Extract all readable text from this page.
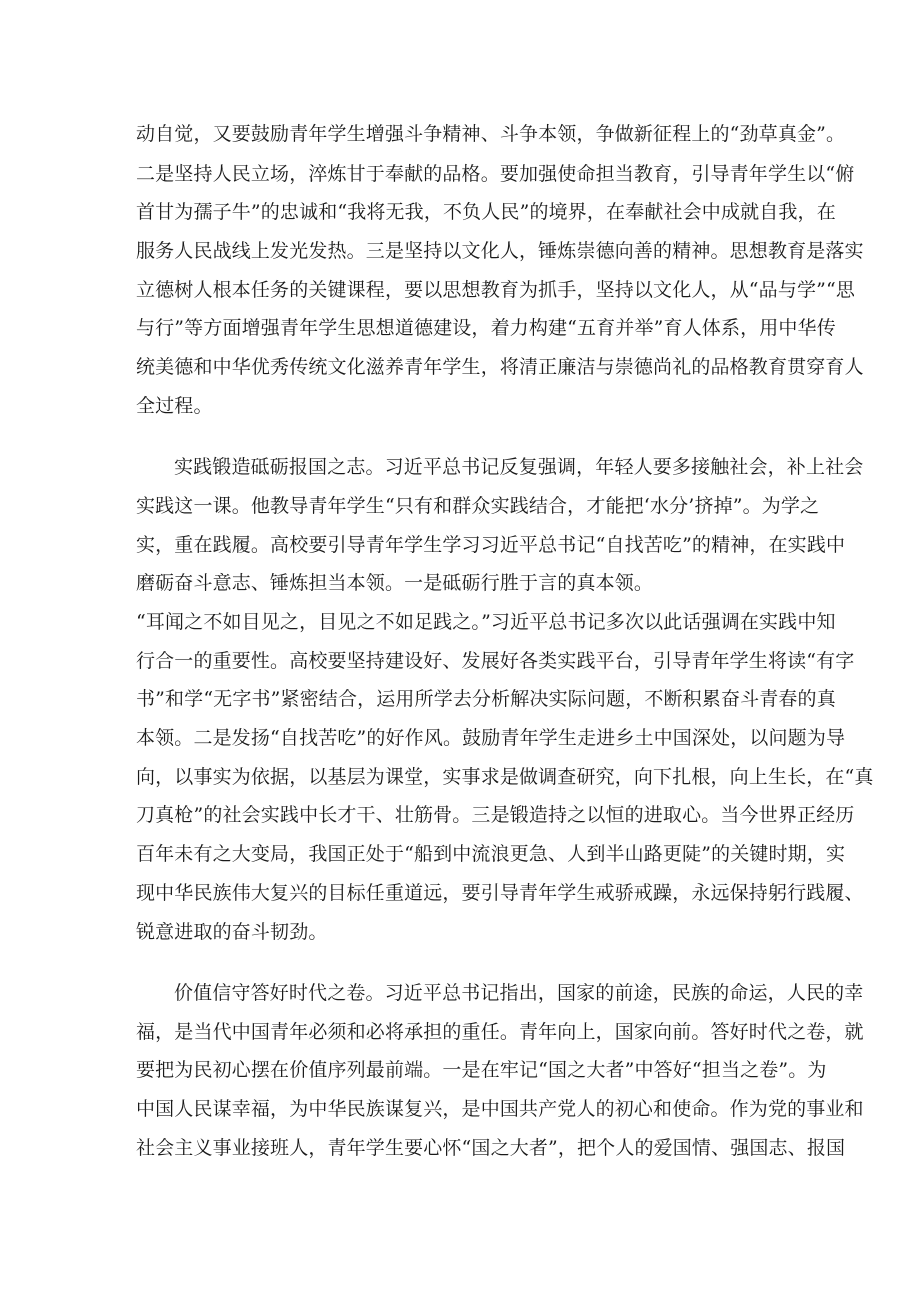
动自觉，又要鼓励青年学生增强斗争精神、斗争本领，争做新征程上的“劲草真金”。
二是坚持人民立场，淬炼甘于奉献的品格。要加强使命担当教育，引导青年学生以“俯
首甘为孺子牛”的忠诚和“我将无我，不负人民”的境界，在奉献社会中成就自我，在
服务人民战线上发光发热。三是坚持以文化人，锤炼崇德向善的精神。思想教育是落实
立德树人根本任务的关键课程，要以思想教育为抓手，坚持以文化人，从“品与学”“思
与行”等方面增强青年学生思想道德建设，着力构建“五育并举”育人体系，用中华传
统美德和中华优秀传统文化滋养青年学生，将清正廉洁与崇德尚礼的品格教育贯穿育人
全过程。
实践锻造砥砺报国之志。习近平总书记反复强调，年轻人要多接触社会，补上社会
实践这一课。他教导青年学生“只有和群众实践结合，才能把‘水分’挤掉”。为学之
实，重在践履。高校要引导青年学生学习习近平总书记“自找苦吃”的精神，在实践中
磨砺奋斗意志、锤炼担当本领。一是砥砺行胜于言的真本领。
“耳闻之不如目见之，目见之不如足践之。”习近平总书记多次以此话强调在实践中知
行合一的重要性。高校要坚持建设好、发展好各类实践平台，引导青年学生将读“有字
书”和学“无字书”紧密结合，运用所学去分析解决实际问题，不断积累奋斗青春的真
本领。二是发扬“自找苦吃”的好作风。鼓励青年学生走进乡土中国深处，以问题为导
向，以事实为依据，以基层为课堂，实事求是做调查研究，向下扎根，向上生长，在“真
刀真枪”的社会实践中长才干、壮筋骨。三是锻造持之以恒的进取心。当今世界正经历
百年未有之大变局，我国正处于“船到中流浪更急、人到半山路更陡”的关键时期，实
现中华民族伟大复兴的目标任重道远，要引导青年学生戒骄戒躁，永远保持躬行践履、
锐意进取的奋斗韧劲。
价值信守答好时代之卷。习近平总书记指出，国家的前途，民族的命运，人民的幸
福，是当代中国青年必须和必将承担的重任。青年向上，国家向前。答好时代之卷，就
要把为民初心摆在价值序列最前端。一是在牢记“国之大者”中答好“担当之卷”。为
中国人民谋幸福，为中华民族谋复兴，是中国共产党人的初心和使命。作为党的事业和
社会主义事业接班人，青年学生要心怀“国之大者”，把个人的爱国情、强国志、报国
